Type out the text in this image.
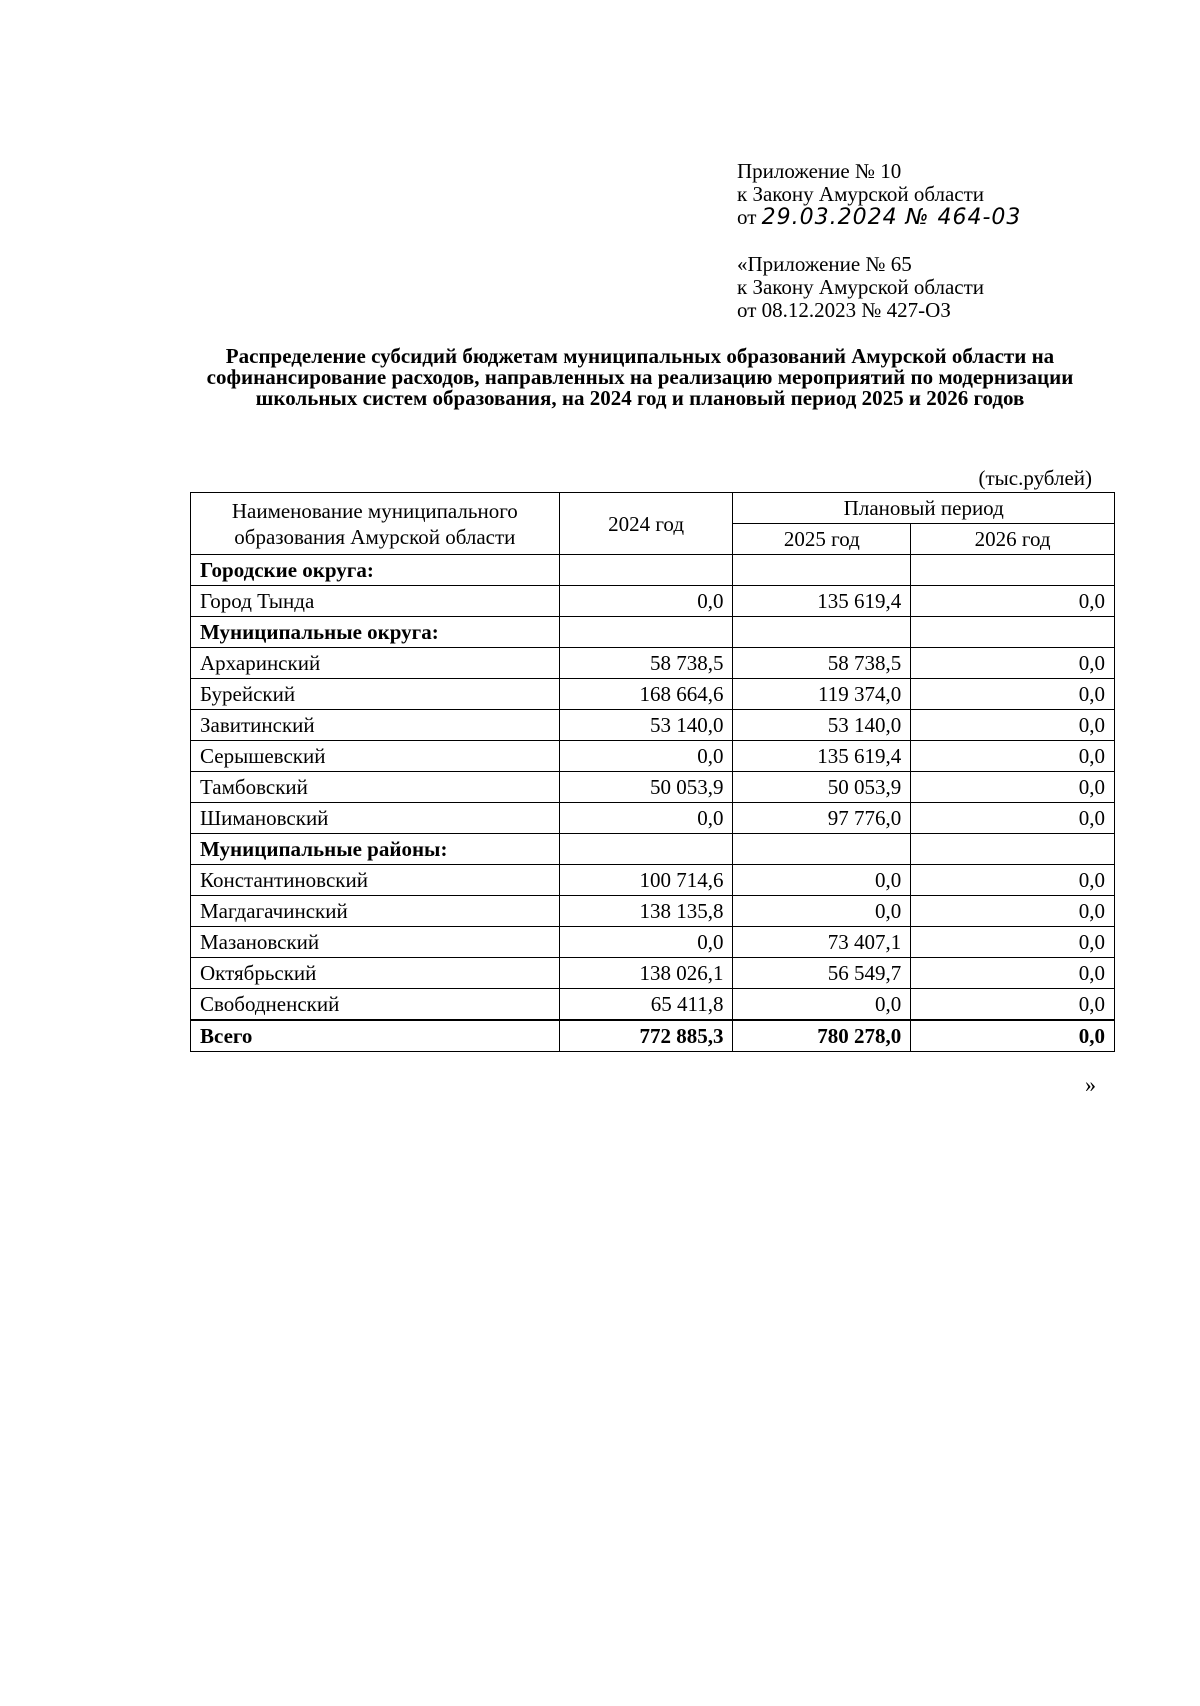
Приложение № 10
к Закону Амурской области
от 29.03.2024 № 464-03
«Приложение № 65
к Закону Амурской области
от 08.12.2023 № 427-ОЗ
Распределение субсидий бюджетам муниципальных образований Амурской области на софинансирование расходов, направленных на реализацию мероприятий по модернизации школьных систем образования, на 2024 год и плановый период 2025 и 2026 годов
(тыс.рублей)
Наименование муниципального образования Амурской области	2024 год	Плановый период	
		2025 год	2026 год
Городские округа:			
Город Тында	0,0	135 619,4	0,0
Муниципальные округа:			
Архаринский	58 738,5	58 738,5	0,0
Бурейский	168 664,6	119 374,0	0,0
Завитинский	53 140,0	53 140,0	0,0
Серышевский	0,0	135 619,4	0,0
Тамбовский	50 053,9	50 053,9	0,0
Шимановский	0,0	97 776,0	0,0
Муниципальные районы:			
Константиновский	100 714,6	0,0	0,0
Магдагачинский	138 135,8	0,0	0,0
Мазановский	0,0	73 407,1	0,0
Октябрьский	138 026,1	56 549,7	0,0
Свободненский	65 411,8	0,0	0,0
Всего	772 885,3	780 278,0	0,0
»
